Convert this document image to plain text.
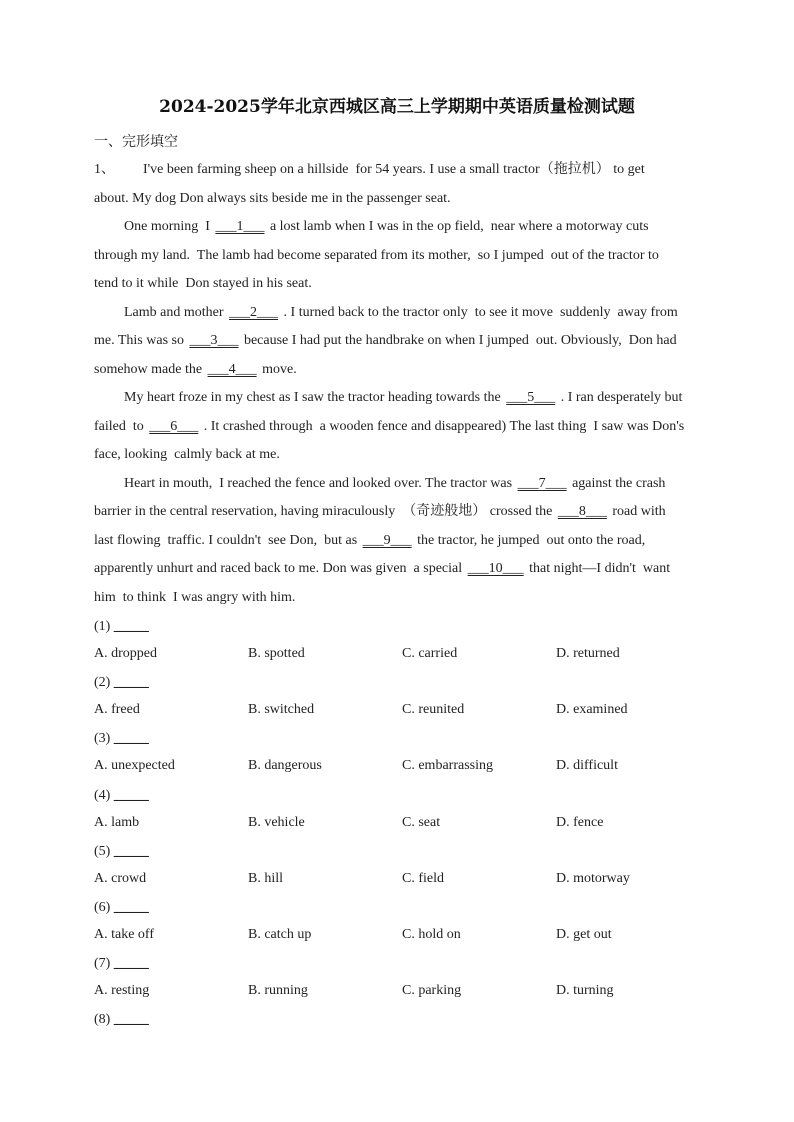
2024-2025学年北京西城区高三上学期期中英语质量检测试题
一、完形填空
1、        I've been farming sheep on a hillside  for 54 years. I use a small tractor（拖拉机） to get
about. My dog Don always sits beside me in the passenger seat.
One morning  I ___1___ a lost lamb when I was in the op field,  near where a motorway cuts
through my land.  The lamb had become separated from its mother,  so I jumped  out of the tractor to
tend to it while  Don stayed in his seat.
Lamb and mother ___2___ . I turned back to the tractor only  to see it move  suddenly  away from
me. This was so ___3___ because I had put the handbrake on when I jumped  out. Obviously,  Don had
somehow made the ___4___ move.
My heart froze in my chest as I saw the tractor heading towards the ___5___ . I ran desperately but
failed  to ___6___ . It crashed through  a wooden fence and disappeared) The last thing  I saw was Don's
face, looking  calmly back at me.
Heart in mouth,  I reached the fence and looked over. The tractor was ___7___ against the crash
barrier in the central reservation, having miraculously  （奇迹般地） crossed the ___8___ road with
last flowing  traffic. I couldn't  see Don,  but as ___9___ the tractor, he jumped  out onto the road,
apparently unhurt and raced back to me. Don was given  a special ___10___ that night—I didn't  want
him  to think  I was angry with him.
(1) _____
A. dropped	B. spotted	C. carried	D. returned
(2) _____
A. freed	B. switched	C. reunited	D. examined
(3) _____
A. unexpected	B. dangerous	C. embarrassing	D. difficult
(4) _____
A. lamb	B. vehicle	C. seat	D. fence
(5) _____
A. crowd	B. hill	C. field	D. motorway
(6) _____
A. take off	B. catch up	C. hold on	D. get out
(7) _____
A. resting	B. running	C. parking	D. turning
(8) _____
